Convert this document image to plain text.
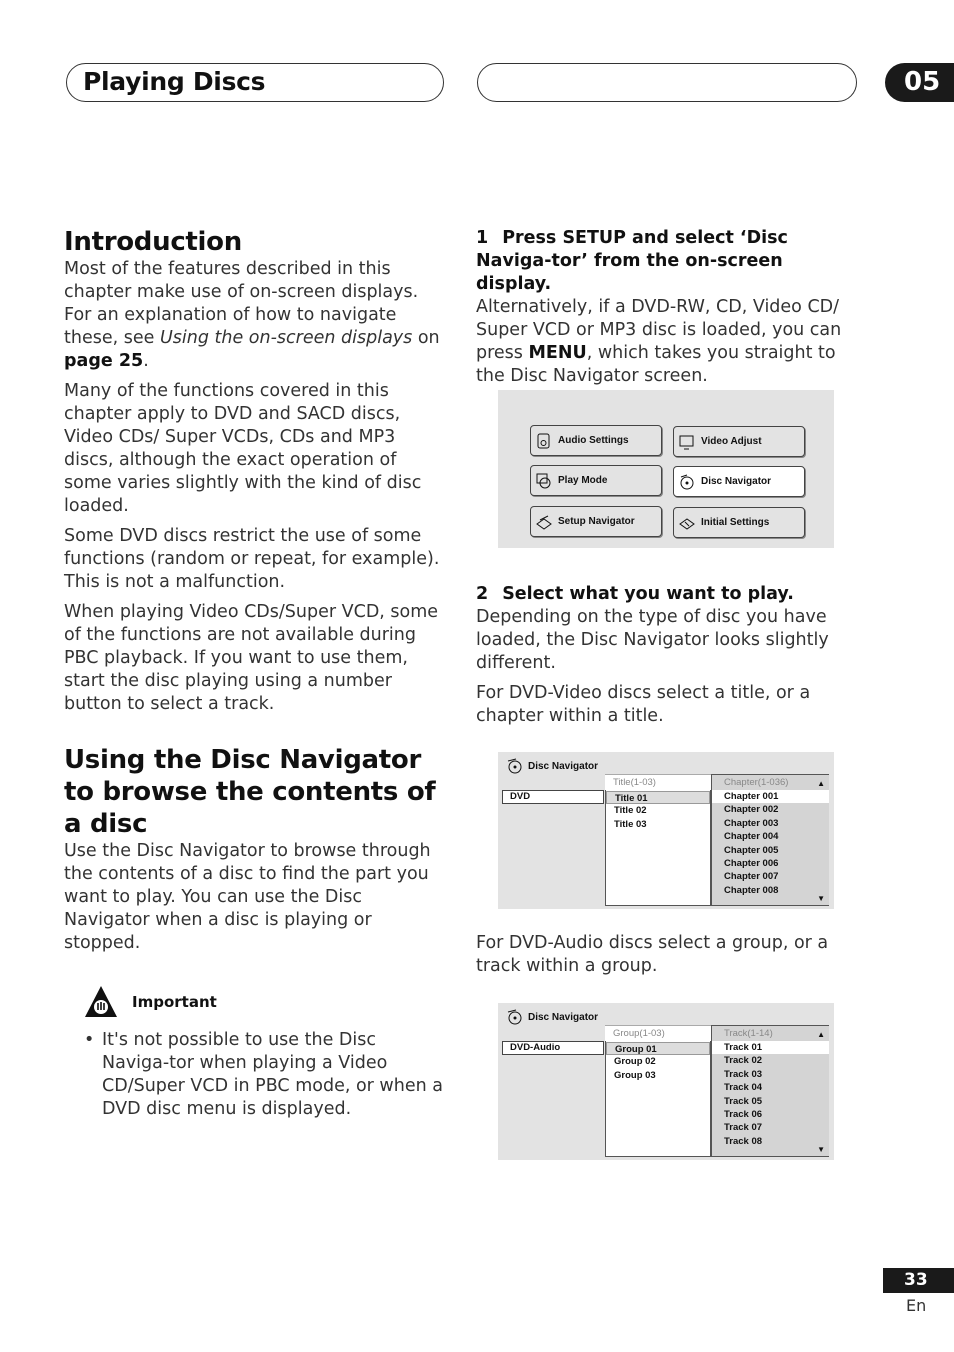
Playing Discs	05
Introduction

Most of the features described in this chapter make use of on-screen displays. For an explanation of how to navigate these, see Using the on-screen displays on page 25.

Many of the functions covered in this chapter apply to DVD and SACD discs, Video CDs/ Super VCDs, CDs and MP3 discs, although the exact operation of some varies slightly with the kind of disc loaded.

Some DVD discs restrict the use of some functions (random or repeat, for example). This is not a malfunction.

When playing Video CDs/Super VCD, some of the functions are not available during PBC playback. If you want to use them, start the disc playing using a number button to select a track.

Using the Disc Navigator to browse the contents of a disc

Use the Disc Navigator to browse through the contents of a disc to find the part you want to play. You can use the Disc Navigator when a disc is playing or stopped.

Important
• It's not possible to use the Disc Naviga-tor when playing a Video CD/Super VCD in PBC mode, or when a DVD disc menu is displayed.
1 Press SETUP and select ‘Disc Naviga-tor’ from the on-screen display.

Alternatively, if a DVD-RW, CD, Video CD/ Super VCD or MP3 disc is loaded, you can press MENU, which takes you straight to the Disc Navigator screen.

2 Select what you want to play.

Depending on the type of disc you have loaded, the Disc Navigator looks slightly different.

For DVD-Video discs select a title, or a chapter within a title.

For DVD-Audio discs select a group, or a track within a group.

Audio Settings	Video Adjust
Play Mode	Disc Navigator
Setup Navigator	Initial Settings
Disc Navigator
DVD	Title 01
Title 02
Title 03
Title(1-03)	Chapter(1-036)
Chapter 001
Chapter 002
Chapter 003
Chapter 004
Chapter 005
Chapter 006
Chapter 007
Chapter 008
▲
▼
Disc Navigator
DVD-Audio	Group 01
Group 02
Group 03
Group(1-03)	Track(1-14)
Track 01
Track 02
Track 03
Track 04
Track 05
Track 06
Track 07
Track 08
▲
▼
33
En
